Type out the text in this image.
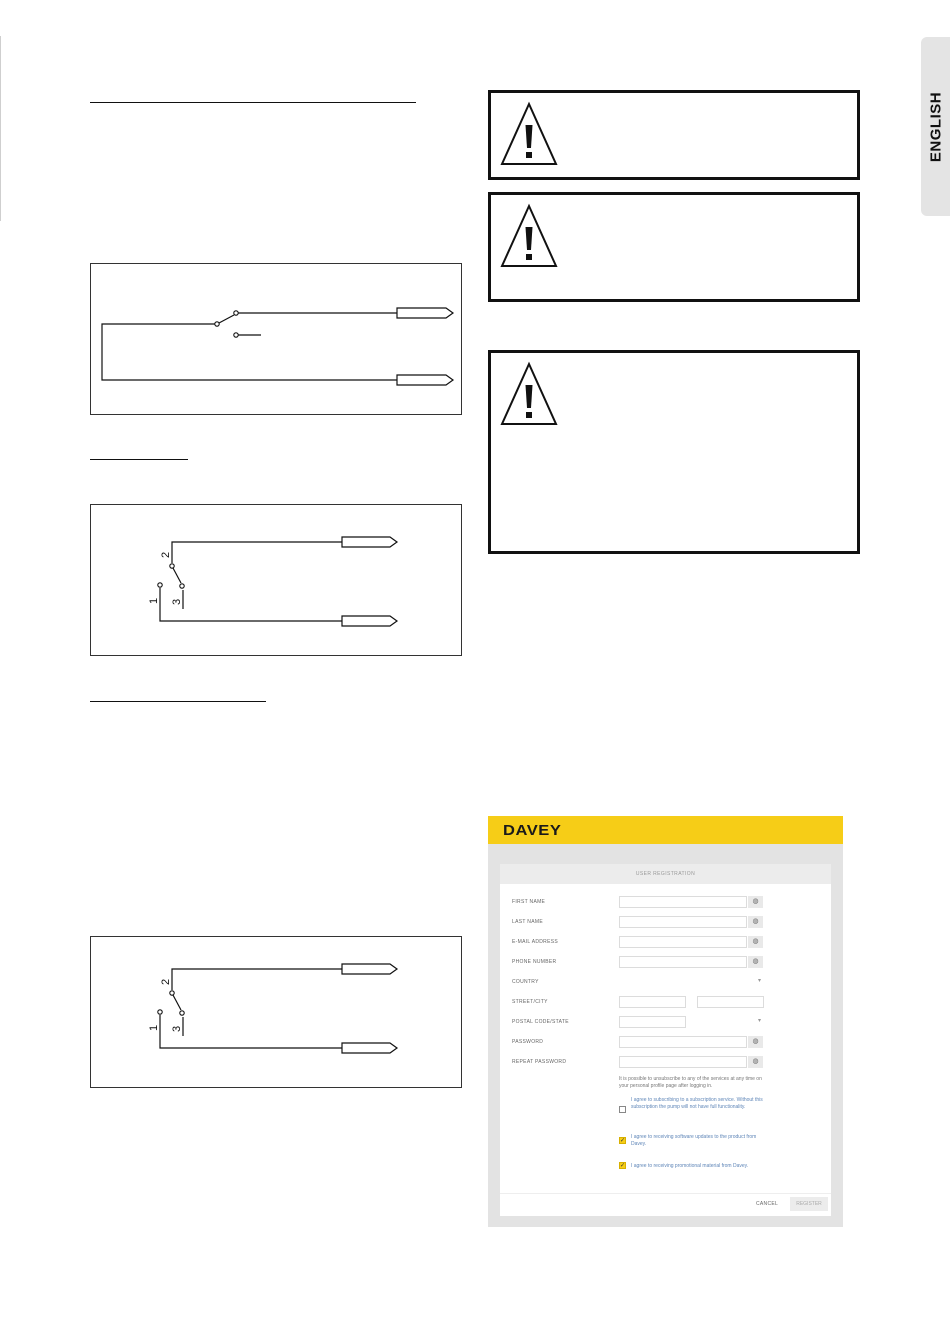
2
1 3
2
1 3
ENGLISH
DAVEY
USER REGISTRATION
FIRST NAME	◍
LAST NAME	◍
E-MAIL ADDRESS	◍
PHONE NUMBER	◍
COUNTRY	▾
STREET/CITY
POSTAL CODE/STATE	▾
PASSWORD	◍
REPEAT PASSWORD	◍
It is possible to unsubscribe to any of the services at any time on your personal profile page after logging in.
I agree to subscribing to a subscription service. Without this subscription the pump will not have full functionality.
✓
I agree to receiving software updates to the product from Davey.
✓ I agree to receiving promotional material from Davey.
CANCEL	REGISTER
